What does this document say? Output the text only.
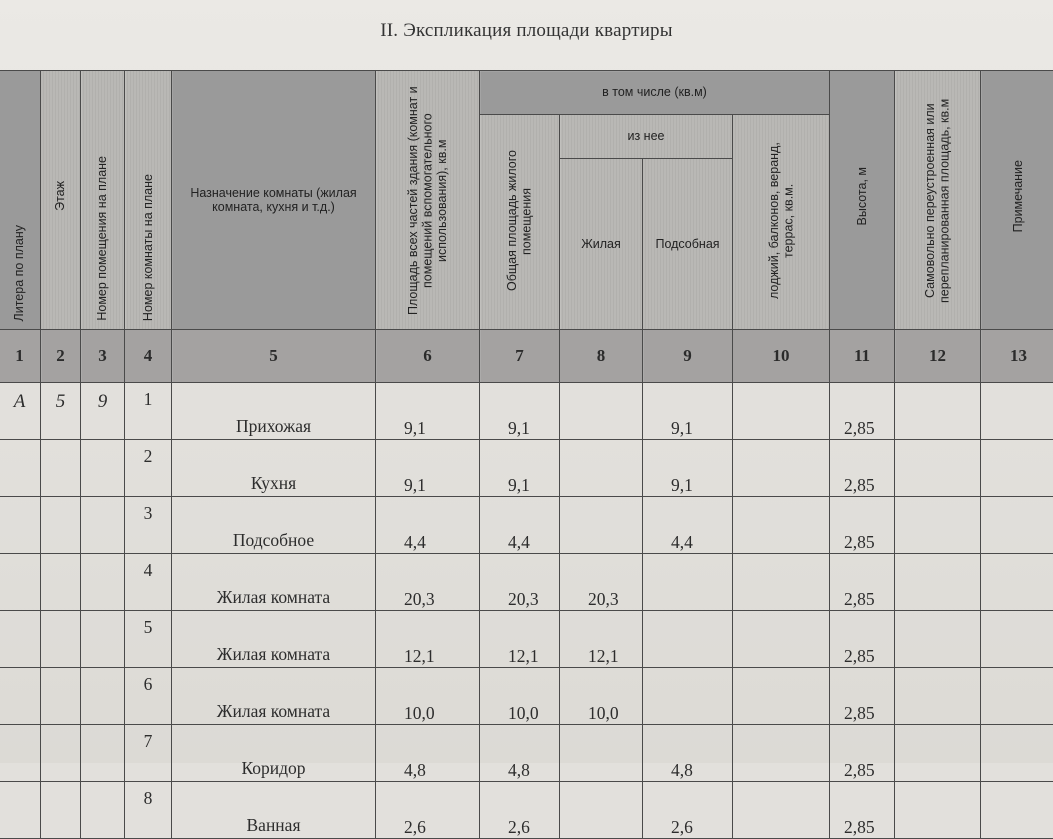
II. Экспликация площади квартиры
Литера по плану	Этаж	Номер помещения на плане	Номер комнаты на плане	Назначение комнаты (жилая комната, кухня и т.д.)	Площадь всех частей здания (комнат и помещений вспомогательного использования), кв.м	в том числе (кв.м)				Высота, м	Самовольно переустроенная или перепланированная площадь, кв.м	Примечание

						Общая площадь жилого помещения	из нее		лоджий, балконов, веранд, террас, кв.м.			

							Жилая	Подсобная				

1	2	3	4	5	6	7	8	9	10	11	12	13
А	5	9	1	Прихожая	9,1	9,1		9,1		2,85		
			2	Кухня	9,1	9,1		9,1		2,85		
			3	Подсобное	4,4	4,4		4,4		2,85		
			4	Жилая комната	20,3	20,3	20,3			2,85		
			5	Жилая комната	12,1	12,1	12,1			2,85		
			6	Жилая комната	10,0	10,0	10,0			2,85		
			7	Коридор	4,8	4,8		4,8		2,85		
			8	Ванная	2,6	2,6		2,6		2,85		
